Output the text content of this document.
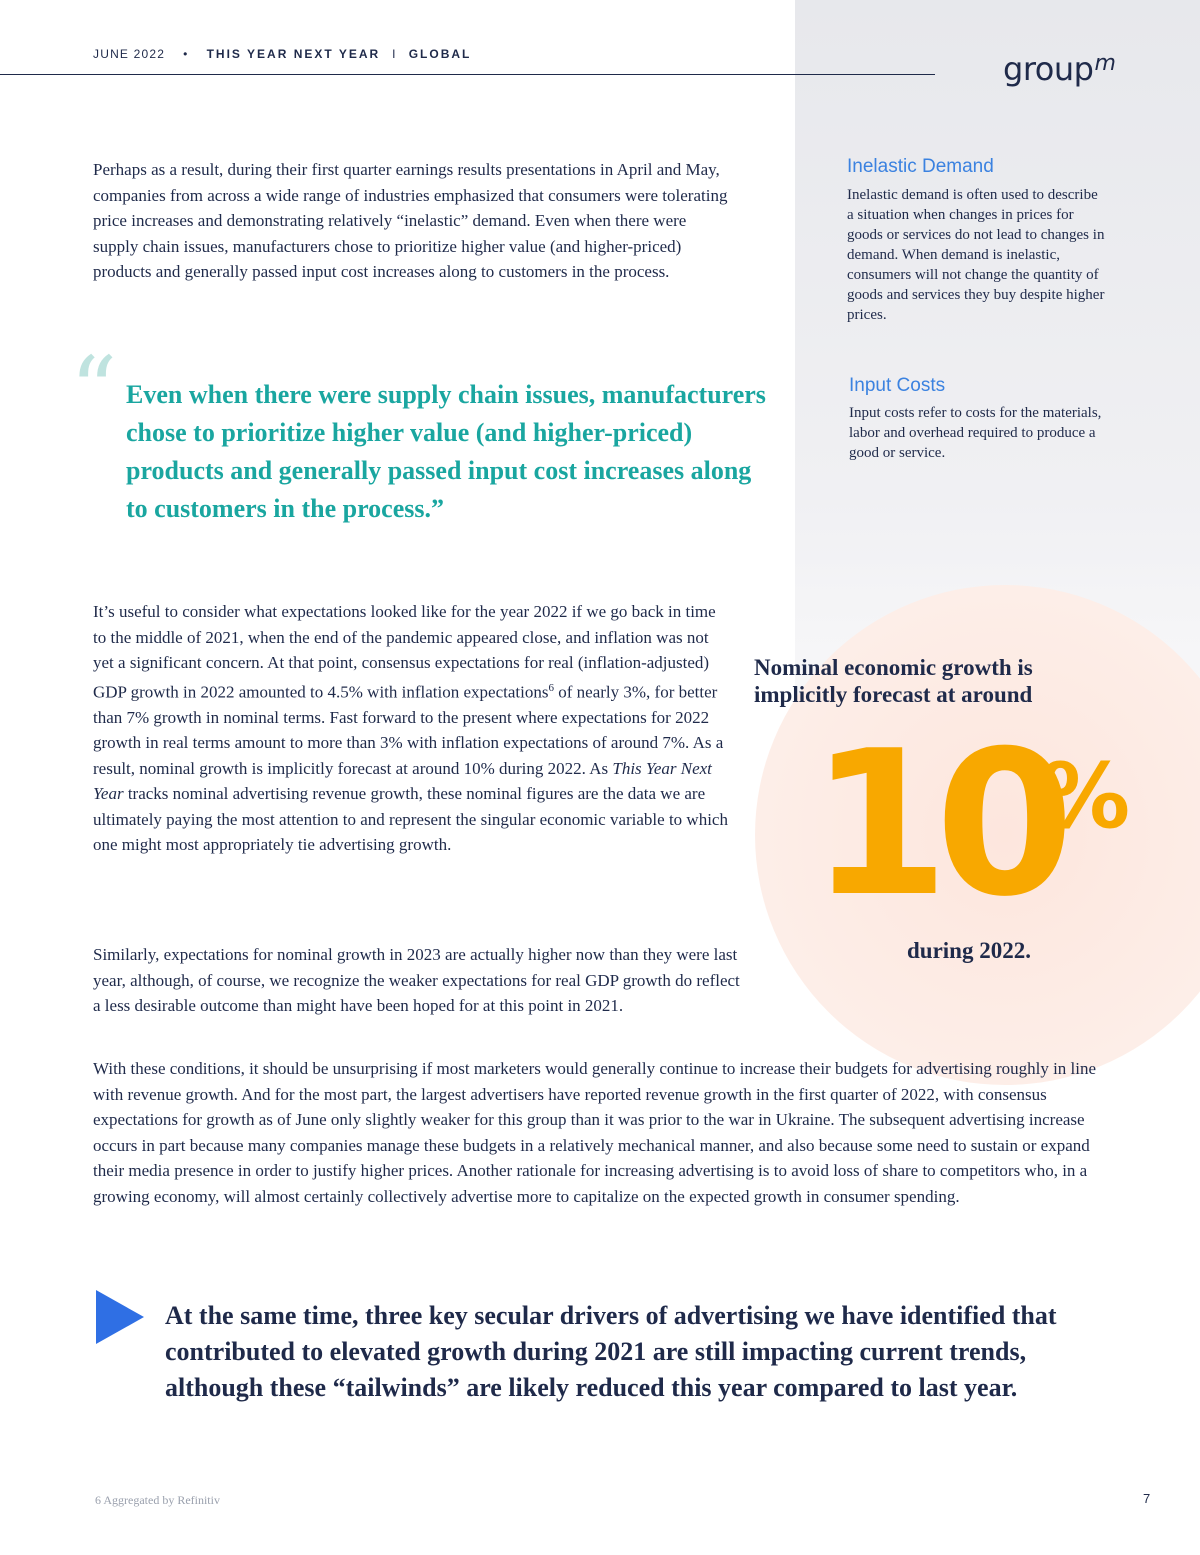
JUNE 2022 • THIS YEAR NEXT YEAR I GLOBAL	group$^m$

Perhaps as a result, during their first quarter earnings results presentations in April and May, companies from across a wide range of industries emphasized that consumers were tolerating price increases and demonstrating relatively “inelastic” demand. Even when there were supply chain issues, manufacturers chose to prioritize higher value (and higher-priced) products and generally passed input cost increases along to customers in the process.

“ Even when there were supply chain issues, manufacturers chose to prioritize higher value (and higher-priced) products and generally passed input cost increases along to customers in the process.”

Inelastic Demand

Inelastic demand is often used to describe a situation when changes in prices for goods or services do not lead to changes in demand. When demand is inelastic, consumers will not change the quantity of goods and services they buy despite higher prices.

Input Costs

Input costs refer to costs for the materials, labor and overhead required to produce a good or service.

It’s useful to consider what expectations looked like for the year 2022 if we go back in time to the middle of 2021, when the end of the pandemic appeared close, and inflation was not yet a significant concern. At that point, consensus expectations for real (inflation-adjusted) GDP growth in 2022 amounted to 4.5% with inflation expectations$^6$ of nearly 3%, for better than 7% growth in nominal terms. Fast forward to the present where expectations for 2022 growth in real terms amount to more than 3% with inflation expectations of around 7%. As a result, nominal growth is implicitly forecast at around 10% during 2022. As This Year Next Year tracks nominal advertising revenue growth, these nominal figures are the data we are ultimately paying the most attention to and represent the singular economic variable to which one might most appropriately tie advertising growth.

Nominal economic growth is implicitly forecast at around
10
%
during 2022.

Similarly, expectations for nominal growth in 2023 are actually higher now than they were last year, although, of course, we recognize the weaker expectations for real GDP growth do reflect a less desirable outcome than might have been hoped for at this point in 2021.

With these conditions, it should be unsurprising if most marketers would generally continue to increase their budgets for advertising roughly in line with revenue growth. And for the most part, the largest advertisers have reported revenue growth in the first quarter of 2022, with consensus expectations for growth as of June only slightly weaker for this group than it was prior to the war in Ukraine. The subsequent advertising increase occurs in part because many companies manage these budgets in a relatively mechanical manner, and also because some need to sustain or expand their media presence in order to justify higher prices. Another rationale for increasing advertising is to avoid loss of share to competitors who, in a growing economy, will almost certainly collectively advertise more to capitalize on the expected growth in consumer spending.

At the same time, three key secular drivers of advertising we have identified that contributed to elevated growth during 2021 are still impacting current trends, although these “tailwinds” are likely reduced this year compared to last year.

6 Aggregated by Refinitiv	7
